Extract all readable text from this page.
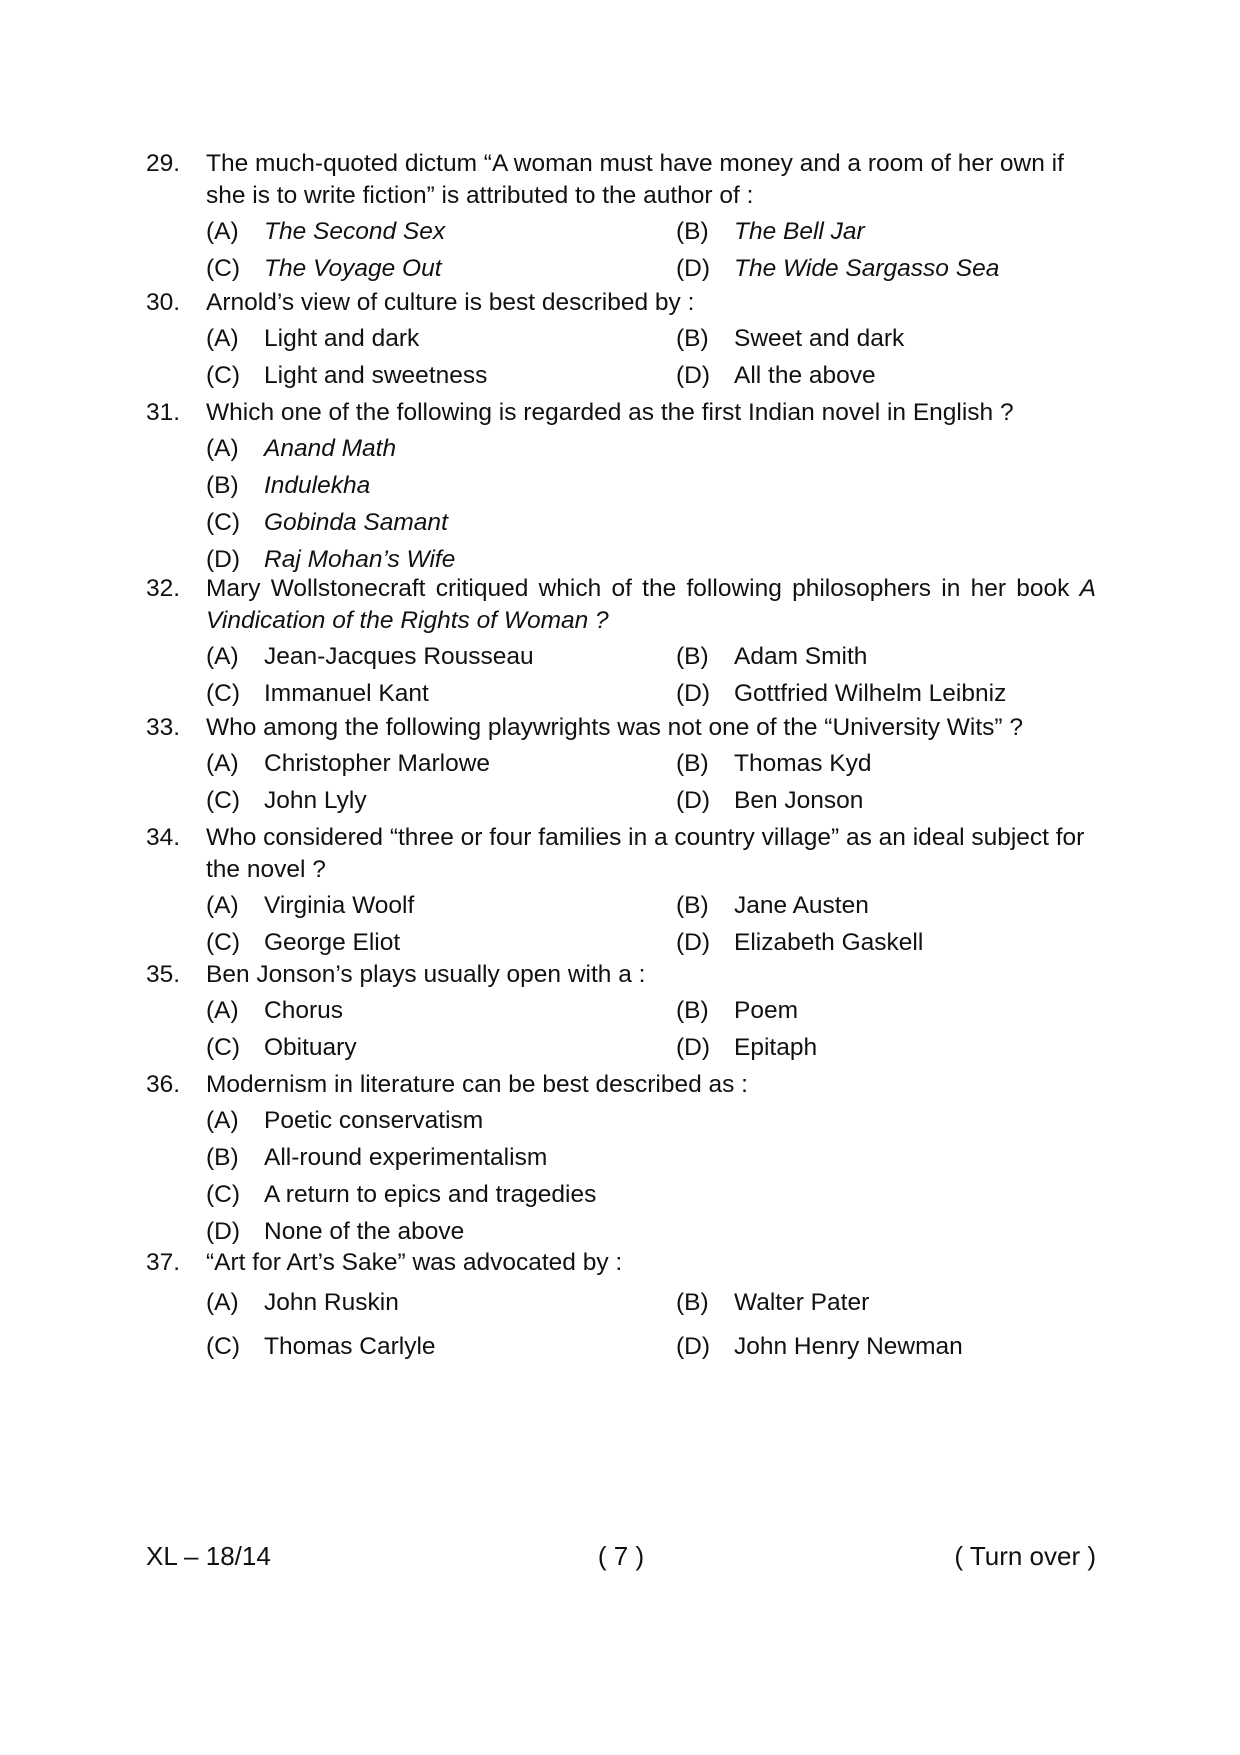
29. The much-quoted dictum “A woman must have money and a room of her own if she is to write fiction” is attributed to the author of :
(A)	The Second Sex	(B)	The Bell Jar
(C) The Voyage Out	(D) The Wide Sargasso Sea
30. Arnold’s view of culture is best described by :
(A)	Light and dark	(B)	Sweet and dark
(C) Light and sweetness	(D) All the above
31. Which one of the following is regarded as the first Indian novel in English ?
(A)	Anand Math
(B)	Indulekha
(C) Gobinda Samant
(D) Raj Mohan’s Wife
32. Mary Wollstonecraft critiqued which of the following philosophers in her book A Vindication of the Rights of Woman ?
(A)	Jean-Jacques Rousseau	(B)	Adam Smith
(C) Immanuel Kant	(D) Gottfried Wilhelm Leibniz
33. Who among the following playwrights was not one of the “University Wits” ?
(A)	Christopher Marlowe	(B)	Thomas Kyd
(C) John Lyly	(D) Ben Jonson
34. Who considered “three or four families in a country village” as an ideal subject for the novel ?
(A)	Virginia Woolf	(B)	Jane Austen
(C) George Eliot	(D) Elizabeth Gaskell
35. Ben Jonson’s plays usually open with a :
(A)	Chorus	(B)	Poem
(C) Obituary	(D) Epitaph
36. Modernism in literature can be best described as :
(A)	Poetic conservatism
(B)	All-round experimentalism
(C) A return to epics and tragedies
(D) None of the above
37. “Art for Art’s Sake” was advocated by :
(A)	John Ruskin	(B)	Walter Pater
(C) Thomas Carlyle	(D) John Henry Newman
XL – 18/14	( 7 )	( Turn over )
